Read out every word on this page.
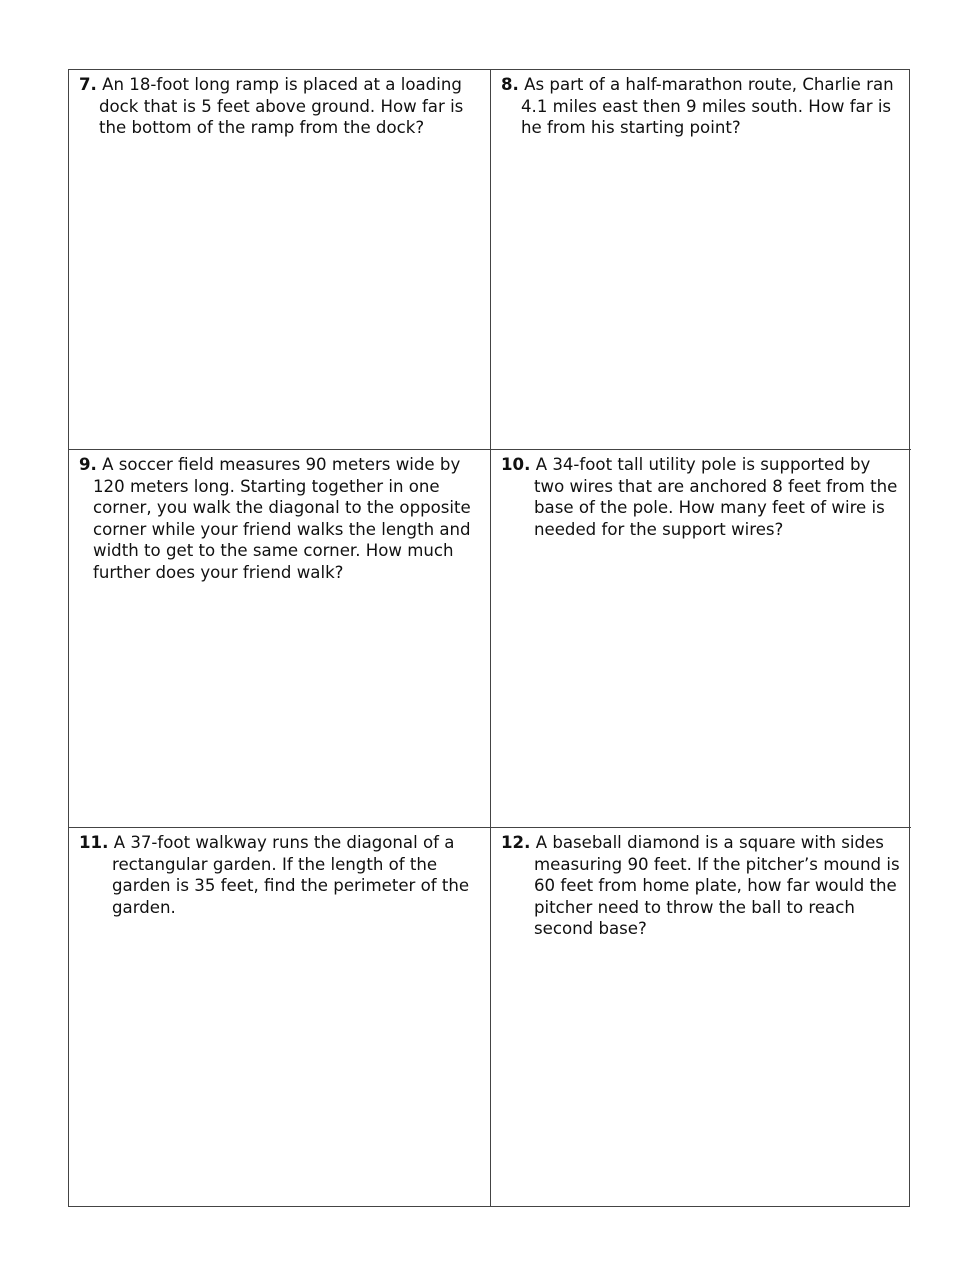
7. An 18-foot long ramp is placed at a loading dock that is 5 feet above ground. How far is the bottom of the ramp from the dock?

8. As part of a half-marathon route, Charlie ran 4.1 miles east then 9 miles south. How far is he from his starting point?

9. A soccer field measures 90 meters wide by 120 meters long. Starting together in one corner, you walk the diagonal to the opposite corner while your friend walks the length and width to get to the same corner. How much further does your friend walk?

10. A 34-foot tall utility pole is supported by two wires that are anchored 8 feet from the base of the pole. How many feet of wire is needed for the support wires?

11. A 37-foot walkway runs the diagonal of a rectangular garden. If the length of the garden is 35 feet, find the perimeter of the garden.

12. A baseball diamond is a square with sides measuring 90 feet. If the pitcher’s mound is 60 feet from home plate, how far would the pitcher need to throw the ball to reach second base?
